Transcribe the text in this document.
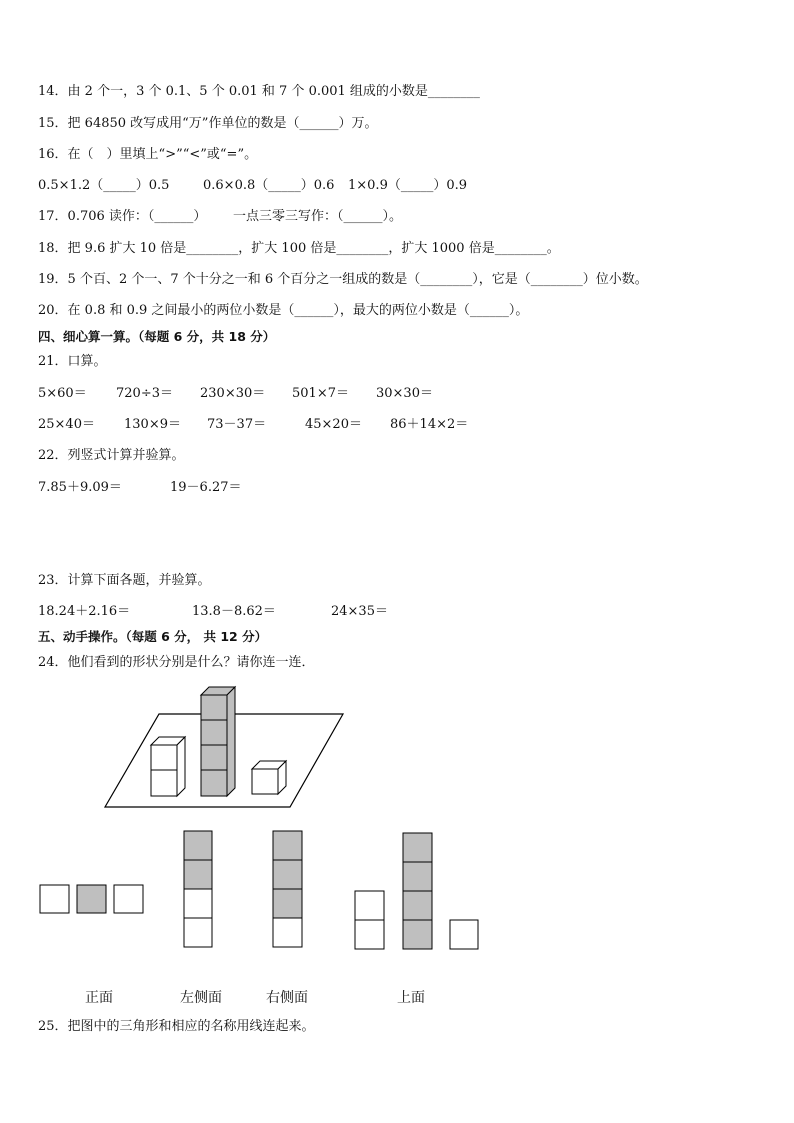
14．由 2 个一，3 个 0.1、5 个 0.01 和 7 个 0.001 组成的小数是________
15．把 64850 改写成用“万”作单位的数是（______）万。
16．在（　）里填上“>”“<”或“=”。
0.5×1.2（_____）0.5	0.6×0.8（_____）0.6 1×0.9（_____）0.9
17．0.706 读作：（______） 一点三零三写作：（______）。
18．把 9.6 扩大 10 倍是________，扩大 100 倍是________，扩大 1000 倍是________。
19．5 个百、2 个一、7 个十分之一和 6 个百分之一组成的数是（________），它是（________）位小数。
20．在 0.8 和 0.9 之间最小的两位小数是（______），最大的两位小数是（______）。
四、细心算一算。（每题 6 分，共 18 分）
21．口算。
5×60＝ 720÷3＝ 230×30＝ 501×7＝ 30×30＝
25×40＝ 130×9＝ 73－37＝	45×20＝ 86＋14×2＝
22．列竖式计算并验算。
7.85＋9.09＝	19－6.27＝
23．计算下面各题，并验算。
18.24＋2.16＝	13.8－8.62＝	24×35＝
五、动手操作。（每题 6 分， 共 12 分）
24．他们看到的形状分别是什么？请你连一连．
正面	左侧面	右侧面	上面
25．把图中的三角形和相应的名称用线连起来。
